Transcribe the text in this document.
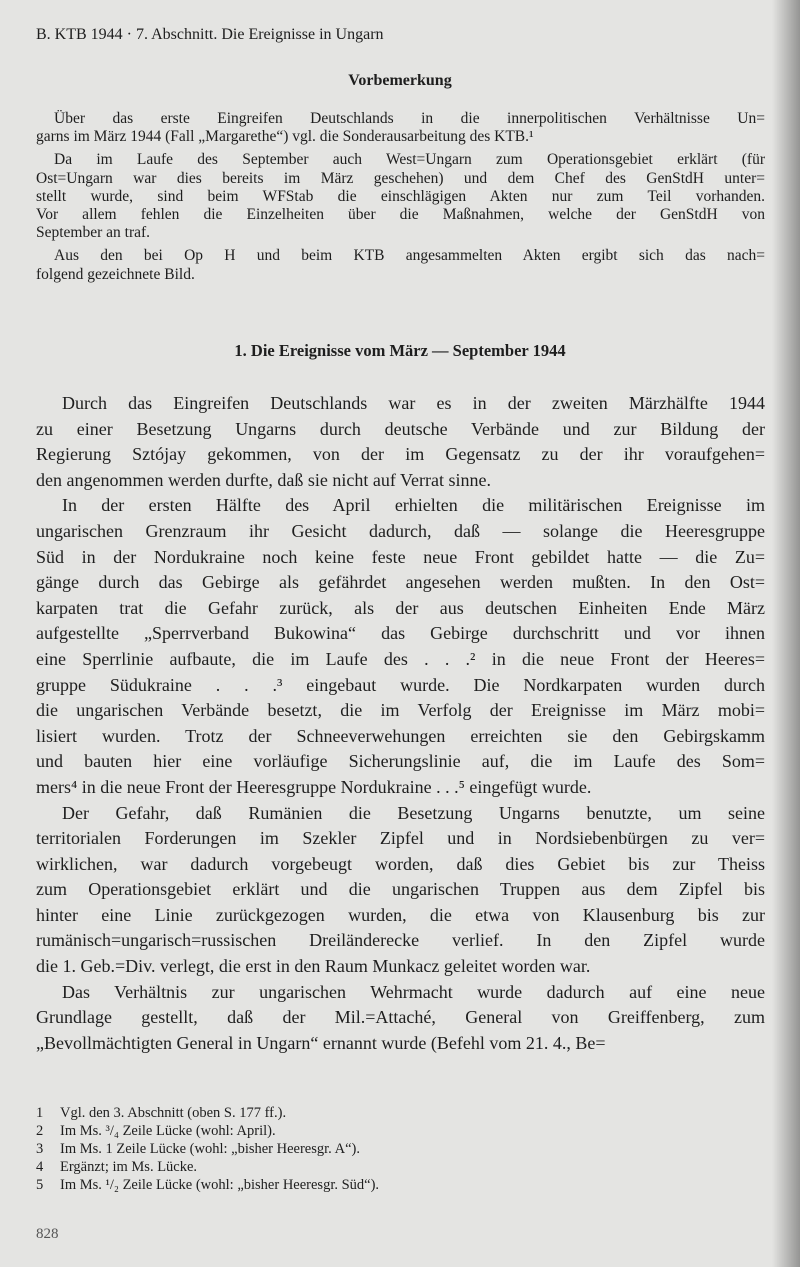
B. KTB 1944 · 7. Abschnitt. Die Ereignisse in Ungarn
Vorbemerkung
Über das erste Eingreifen Deutschlands in die innerpolitischen Verhältnisse Un=
garns im März 1944 (Fall „Margarethe“) vgl. die Sonderausarbeitung des KTB.¹
Da im Laufe des September auch West=Ungarn zum Operationsgebiet erklärt (für
Ost=Ungarn war dies bereits im März geschehen) und dem Chef des GenStdH unter=
stellt wurde, sind beim WFStab die einschlägigen Akten nur zum Teil vorhanden.
Vor allem fehlen die Einzelheiten über die Maßnahmen, welche der GenStdH von
September an traf.
Aus den bei Op H und beim KTB angesammelten Akten ergibt sich das nach=
folgend gezeichnete Bild.
1. Die Ereignisse vom März — September 1944
Durch das Eingreifen Deutschlands war es in der zweiten Märzhälfte 1944
zu einer Besetzung Ungarns durch deutsche Verbände und zur Bildung der
Regierung Sztójay gekommen, von der im Gegensatz zu der ihr voraufgehen=
den angenommen werden durfte, daß sie nicht auf Verrat sinne.
In der ersten Hälfte des April erhielten die militärischen Ereignisse im
ungarischen Grenzraum ihr Gesicht dadurch, daß — solange die Heeresgruppe
Süd in der Nordukraine noch keine feste neue Front gebildet hatte — die Zu=
gänge durch das Gebirge als gefährdet angesehen werden mußten. In den Ost=
karpaten trat die Gefahr zurück, als der aus deutschen Einheiten Ende März
aufgestellte „Sperrverband Bukowina“ das Gebirge durchschritt und vor ihnen
eine Sperrlinie aufbaute, die im Laufe des . . .² in die neue Front der Heeres=
gruppe Südukraine . . .³ eingebaut wurde. Die Nordkarpaten wurden durch
die ungarischen Verbände besetzt, die im Verfolg der Ereignisse im März mobi=
lisiert wurden. Trotz der Schneeverwehungen erreichten sie den Gebirgskamm
und bauten hier eine vorläufige Sicherungslinie auf, die im Laufe des Som=
mers⁴ in die neue Front der Heeresgruppe Nordukraine . . .⁵ eingefügt wurde.
Der Gefahr, daß Rumänien die Besetzung Ungarns benutzte, um seine
territorialen Forderungen im Szekler Zipfel und in Nordsiebenbürgen zu ver=
wirklichen, war dadurch vorgebeugt worden, daß dies Gebiet bis zur Theiss
zum Operationsgebiet erklärt und die ungarischen Truppen aus dem Zipfel bis
hinter eine Linie zurückgezogen wurden, die etwa von Klausenburg bis zur
rumänisch=ungarisch=russischen Dreiländerecke verlief. In den Zipfel wurde
die 1. Geb.=Div. verlegt, die erst in den Raum Munkacz geleitet worden war.
Das Verhältnis zur ungarischen Wehrmacht wurde dadurch auf eine neue
Grundlage gestellt, daß der Mil.=Attaché, General von Greiffenberg, zum
„Bevollmächtigten General in Ungarn“ ernannt wurde (Befehl vom 21. 4., Be=
1 Vgl. den 3. Abschnitt (oben S. 177 ff.).
2 Im Ms. ³/₄ Zeile Lücke (wohl: April).
3 Im Ms. 1 Zeile Lücke (wohl: „bisher Heeresgr. A“).
4 Ergänzt; im Ms. Lücke.
5 Im Ms. ¹/₂ Zeile Lücke (wohl: „bisher Heeresgr. Süd“).
828
